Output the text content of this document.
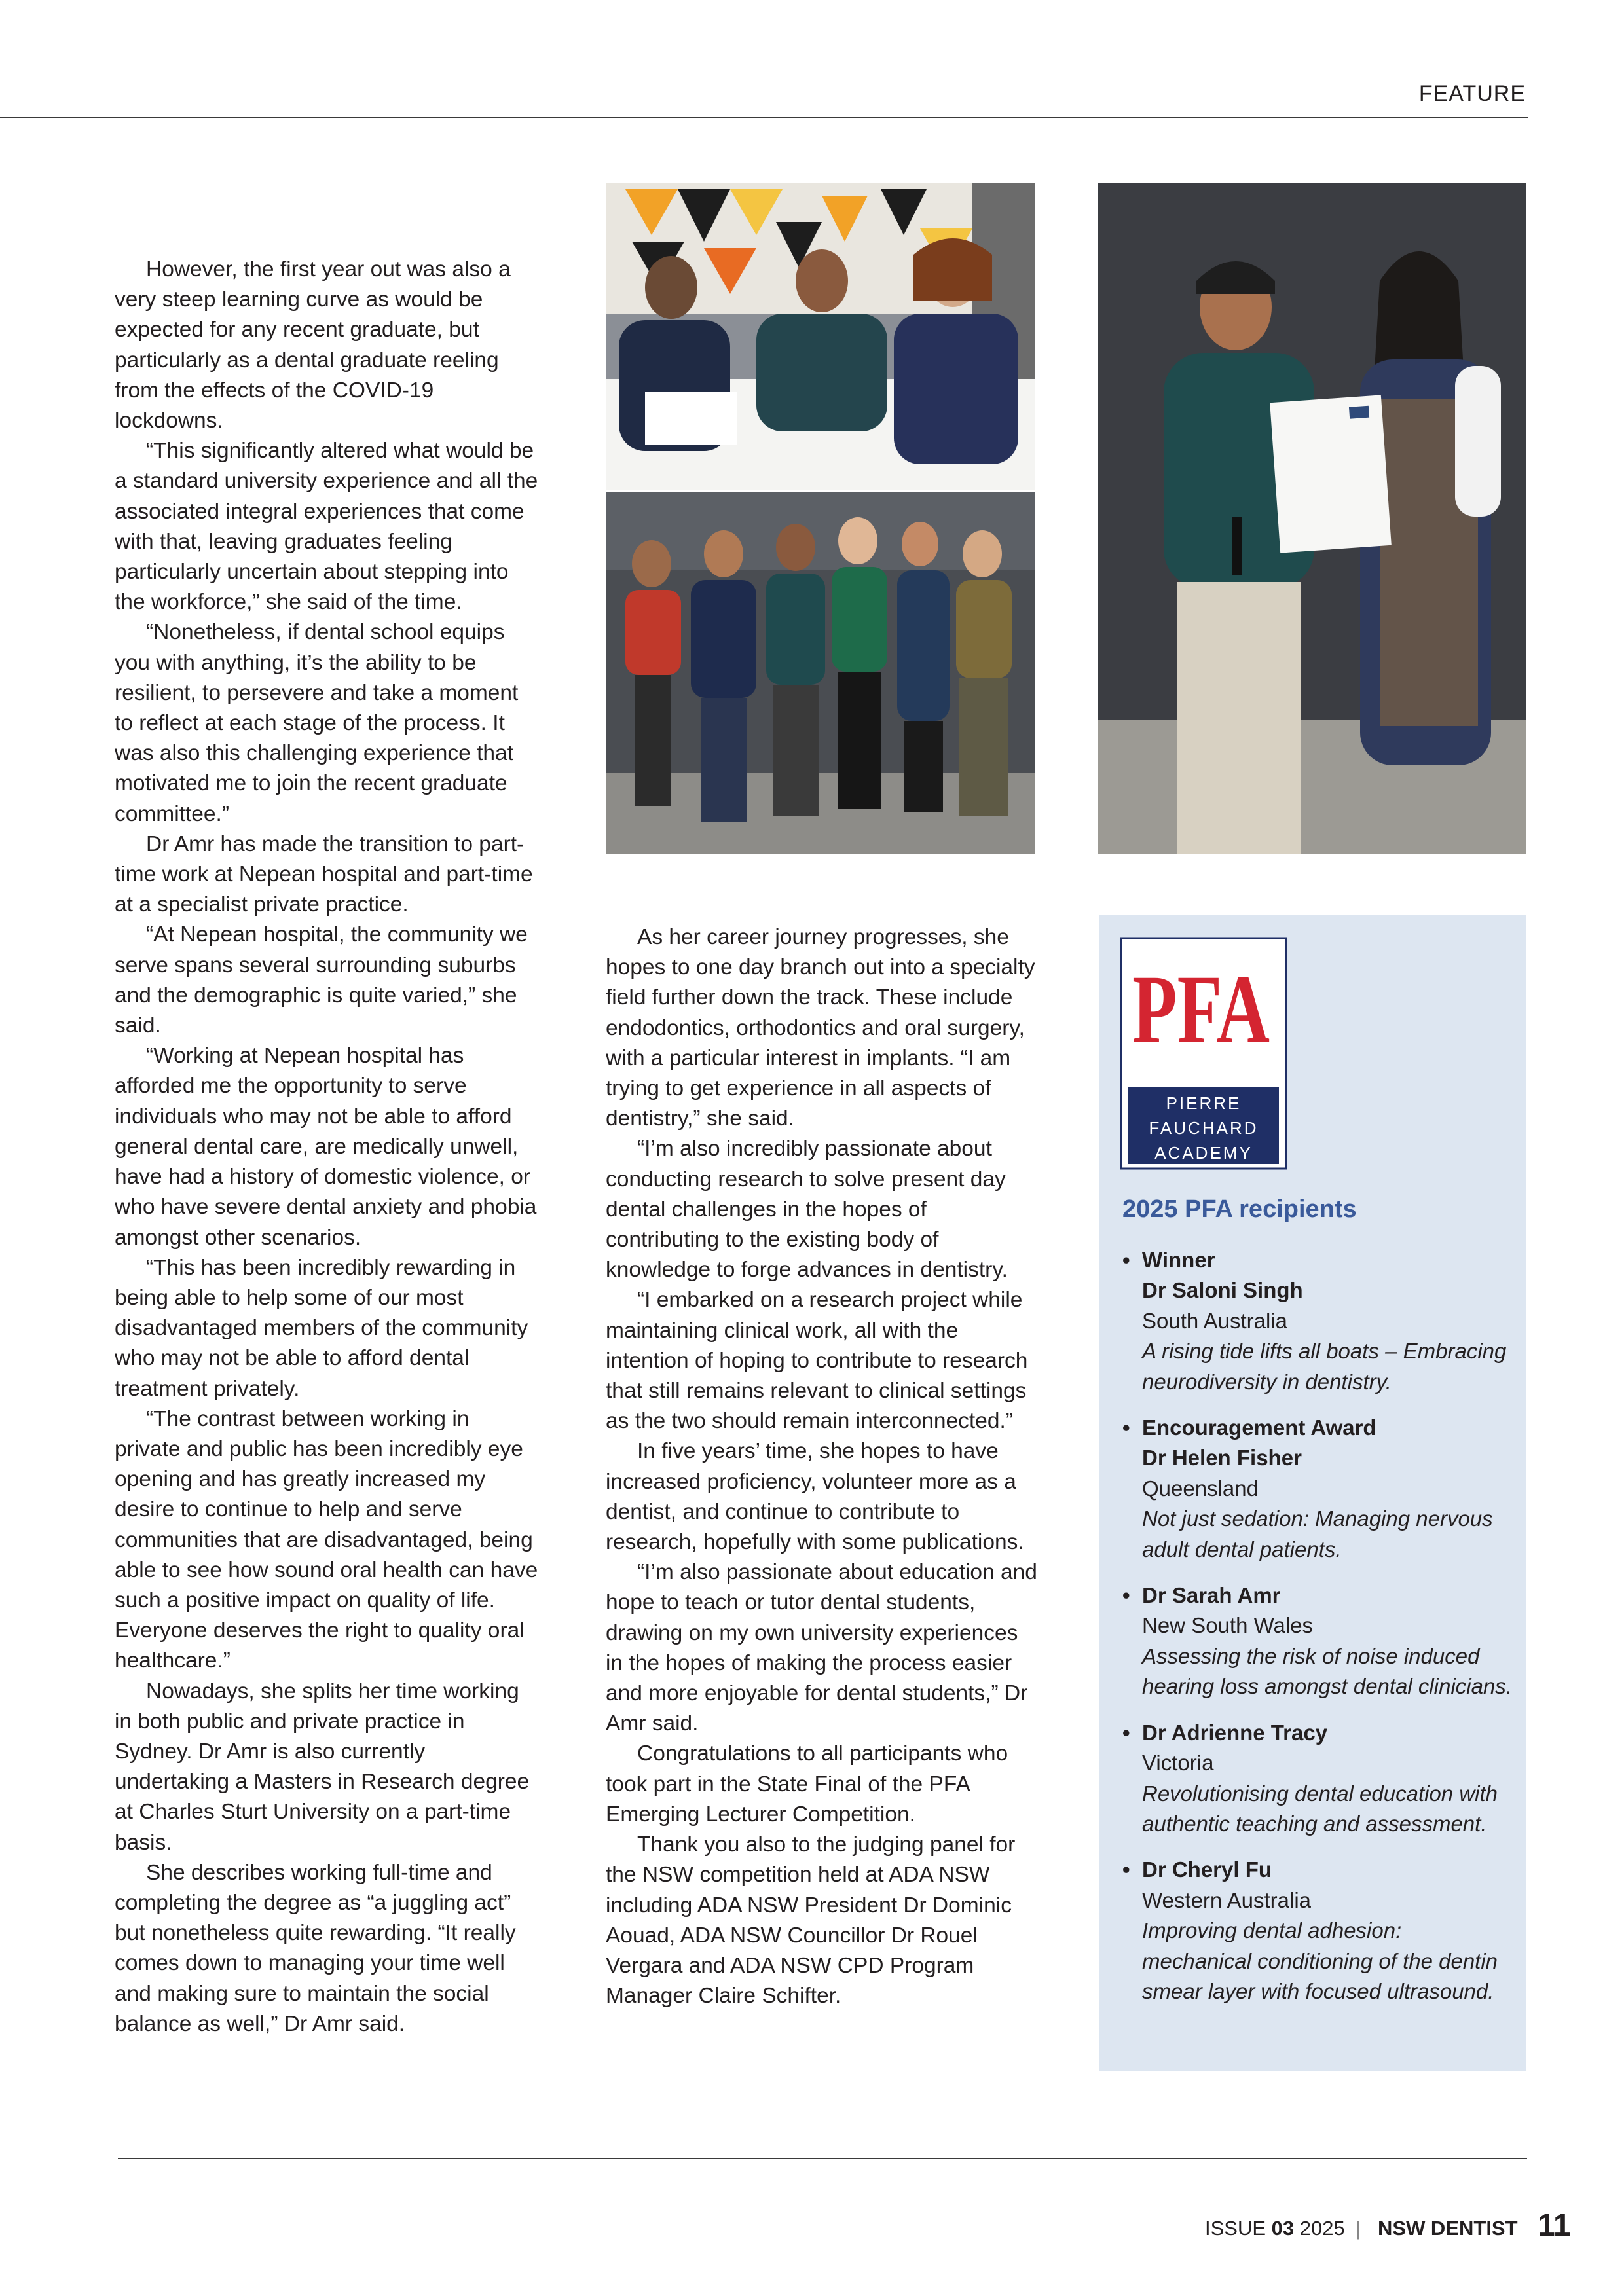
FEATURE

However, the first year out was also a very steep learning curve as would be expected for any recent graduate, but particularly as a dental graduate reeling from the effects of the COVID-19 lockdowns.

“This significantly altered what would be a standard university experience and all the associated integral experiences that come with that, leaving graduates feeling particularly uncertain about stepping into the workforce,” she said of the time.

“Nonetheless, if dental school equips you with anything, it’s the ability to be resilient, to persevere and take a moment to reflect at each stage of the process. It was also this challenging experience that motivated me to join the recent graduate committee.”

Dr Amr has made the transition to part-time work at Nepean hospital and part-time at a specialist private practice.

“At Nepean hospital, the community we serve spans several surrounding suburbs and the demographic is quite varied,” she said.

“Working at Nepean hospital has afforded me the opportunity to serve individuals who may not be able to afford general dental care, are medically unwell, have had a history of domestic violence, or who have severe dental anxiety and phobia amongst other scenarios.

“This has been incredibly rewarding in being able to help some of our most disadvantaged members of the community who may not be able to afford dental treatment privately.

“The contrast between working in private and public has been incredibly eye opening and has greatly increased my desire to continue to help and serve communities that are disadvantaged, being able to see how sound oral health can have such a positive impact on quality of life. Everyone deserves the right to quality oral healthcare.”

Nowadays, she splits her time working in both public and private practice in Sydney. Dr Amr is also currently undertaking a Masters in Research degree at Charles Sturt University on a part-time basis.

She describes working full-time and completing the degree as “a juggling act” but nonetheless quite rewarding. “It really comes down to managing your time well and making sure to maintain the social balance as well,” Dr Amr said.

As her career journey progresses, she hopes to one day branch out into a specialty field further down the track. These include endodontics, orthodontics and oral surgery, with a particular interest in implants. “I am trying to get experience in all aspects of dentistry,” she said.

“I’m also incredibly passionate about conducting research to solve present day dental challenges in the hopes of contributing to the existing body of knowledge to forge advances in dentistry.

“I embarked on a research project while maintaining clinical work, all with the intention of hoping to contribute to research that still remains relevant to clinical settings as the two should remain interconnected.”

In five years’ time, she hopes to have increased proficiency, volunteer more as a dentist, and continue to contribute to research, hopefully with some publications.

“I’m also passionate about education and hope to teach or tutor dental students, drawing on my own university experiences in the hopes of making the process easier and more enjoyable for dental students,” Dr Amr said.

Congratulations to all participants who took part in the State Final of the PFA Emerging Lecturer Competition.

Thank you also to the judging panel for the NSW competition held at ADA NSW including ADA NSW President Dr Dominic Aouad, ADA NSW Councillor Dr Rouel Vergara and ADA NSW CPD Program Manager Claire Schifter.

PFA
PIERRE
FAUCHARD
ACADEMY
2025 PFA recipients
• Winner
Dr Saloni Singh
South Australia
A rising tide lifts all boats – Embracing neurodiversity in dentistry.
• Encouragement Award
Dr Helen Fisher
Queensland
Not just sedation: Managing nervous adult dental patients.
• Dr Sarah Amr
New South Wales
Assessing the risk of noise induced hearing loss amongst dental clinicians.
• Dr Adrienne Tracy
Victoria
Revolutionising dental education with authentic teaching and assessment.
• Dr Cheryl Fu
Western Australia
Improving dental adhesion: mechanical conditioning of the dentin smear layer with focused ultrasound.
ISSUE 03 2025 | NSW DENTIST 11
